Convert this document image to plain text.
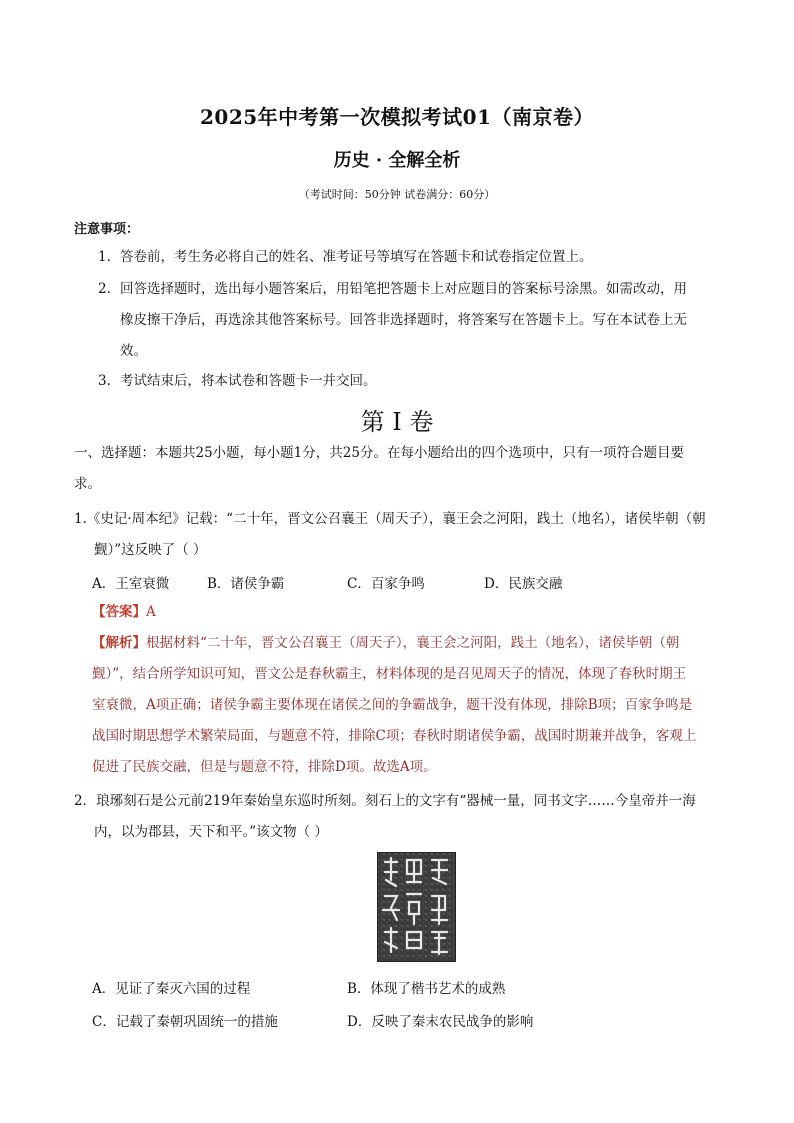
2025年中考第一次模拟考试01（南京卷）
历史 · 全解全析
（考试时间：50分钟 试卷满分：60分）
注意事项：
1. 答卷前，考生务必将自己的姓名、准考证号等填写在答题卡和试卷指定位置上。
2. 回答选择题时，选出每小题答案后，用铅笔把答题卡上对应题目的答案标号涂黑。如需改动，用
橡皮擦干净后，再选涂其他答案标号。回答非选择题时，将答案写在答题卡上。写在本试卷上无
效。
3. 考试结束后，将本试卷和答题卡一并交回。
第 I 卷
一、选择题：本题共25小题，每小题1分，共25分。在每小题给出的四个选项中，只有一项符合题目要
求。
1.《史记·周本纪》记载：“二十年，晋文公召襄王（周天子），襄王会之河阳，践土（地名），诸侯毕朝（朝
觐）”这反映了（ ）
A．王室衰微	B．诸侯争霸	C．百家争鸣	D．民族交融
【答案】A
【解析】根据材料“二十年，晋文公召襄王（周天子），襄王会之河阳，践土（地名），诸侯毕朝（朝
觐）”，结合所学知识可知，晋文公是春秋霸主，材料体现的是召见周天子的情况，体现了春秋时期王
室衰微，A项正确；诸侯争霸主要体现在诸侯之间的争霸战争，题干没有体现，排除B项；百家争鸣是
战国时期思想学术繁荣局面，与题意不符，排除C项；春秋时期诸侯争霸，战国时期兼并战争，客观上
促进了民族交融，但是与题意不符，排除D项。故选A项。
2．琅琊刻石是公元前219年秦始皇东巡时所刻。刻石上的文字有“器械一量，同书文字……今皇帝并一海
内，以为郡县，天下和平。”该文物（ ）
A．见证了秦灭六国的过程	B．体现了楷书艺术的成熟
C．记载了秦朝巩固统一的措施	D．反映了秦末农民战争的影响
